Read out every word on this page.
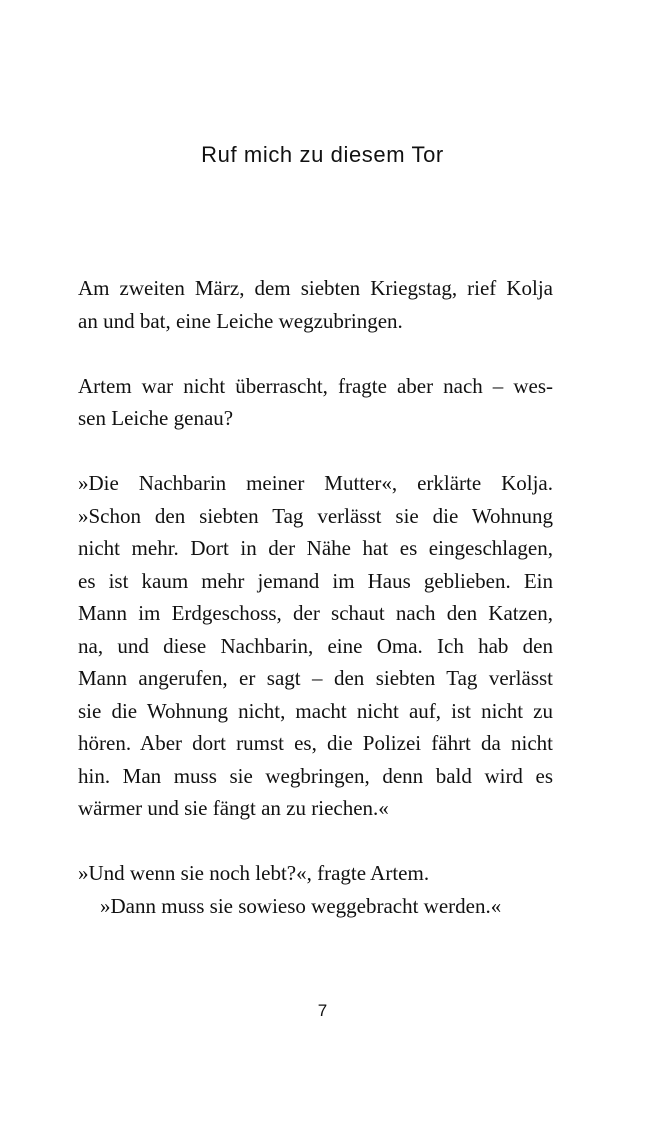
Ruf mich zu diesem Tor

Am zweiten März, dem siebten Kriegstag, rief Kolja
an und bat, eine Leiche wegzubringen.

Artem war nicht überrascht, fragte aber nach – wes-
sen Leiche genau?

»Die Nachbarin meiner Mutter«, erklärte Kolja.
»Schon den siebten Tag verlässt sie die Wohnung
nicht mehr. Dort in der Nähe hat es eingeschlagen,
es ist kaum mehr jemand im Haus geblieben. Ein
Mann im Erdgeschoss, der schaut nach den Katzen,
na, und diese Nachbarin, eine Oma. Ich hab den
Mann angerufen, er sagt – den siebten Tag verlässt
sie die Wohnung nicht, macht nicht auf, ist nicht zu
hören. Aber dort rumst es, die Polizei fährt da nicht
hin. Man muss sie wegbringen, denn bald wird es
wärmer und sie fängt an zu riechen.«

»Und wenn sie noch lebt?«, fragte Artem.

»Dann muss sie sowieso weggebracht werden.«

7
